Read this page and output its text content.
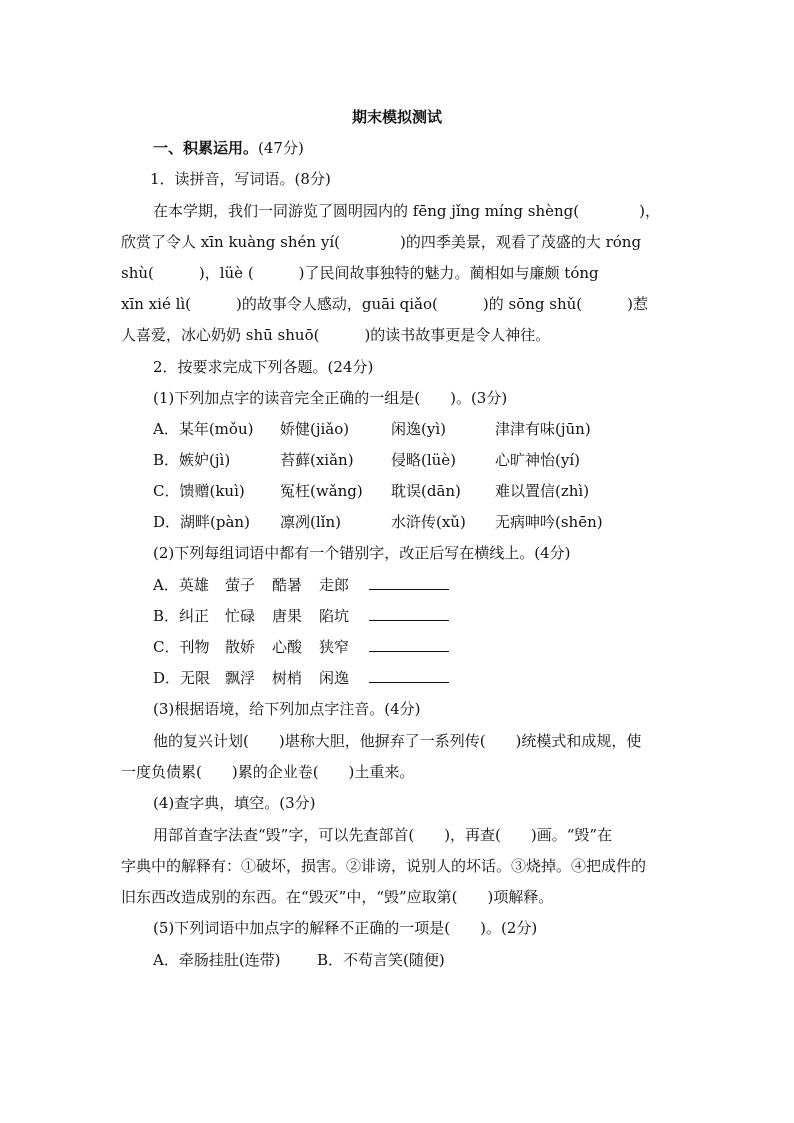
期末模拟测试
一、积累运用。(47分)
1．读拼音，写词语。(8分)
在本学期，我们一同游览了圆明园内的 fēng jǐng míng shèng(　　　　)，
欣赏了令人 xīn kuàng shén yí(　　　　)的四季美景，观看了茂盛的大 róng
shù(　　　)，lüè (　　　)了民间故事独特的魅力。蔺相如与廉颇 tóng
xīn xié lì(　　　)的故事令人感动，guāi qiǎo(　　　)的 sōng shǔ(　　　)惹
人喜爱，冰心奶奶 shū shuō(　　　)的读书故事更是令人神往。
2．按要求完成下列各题。(24分)
(1)下列加点字的读音完全正确的一组是(　　)。(3分)
A．某年(mǒu) 娇健(jiǎo)	闲逸(yì)	津津有味(jūn)
B．嫉妒(jì)	苔藓(xiǎn) 侵略(lüè)	心旷神怡(yí)
C．馈赠(kuì) 冤枉(wǎng) 耽误(dān) 难以置信(zhì)
D．湖畔(pàn) 凛冽(lǐn)	水浒传(xǔ) 无病呻吟(shēn)
(2)下列每组词语中都有一个错别字，改正后写在横线上。(4分)
A．英雄 萤子 酷暑 走郎
B．纠正 忙碌 唐果 陷坑
C．刊物 散娇 心酸 狭窄
D．无限 飘浮 树梢 闲逸
(3)根据语境，给下列加点字注音。(4分)
他的复兴计划(　　)堪称大胆，他摒弃了一系列传(　　)统模式和成规，使
一度负债累(　　)累的企业卷(　　)土重来。
(4)查字典，填空。(3分)
用部首查字法查“毁”字，可以先查部首(　　)，再查(　　)画。“毁”在
字典中的解释有：①破坏，损害。②诽谤，说别人的坏话。③烧掉。④把成件的
旧东西改造成别的东西。在“毁灭”中，“毁”应取第(　　)项解释。
(5)下列词语中加点字的解释不正确的一项是(　　)。(2分)
A．牵肠挂肚(连带) B．不苟言笑(随便)
